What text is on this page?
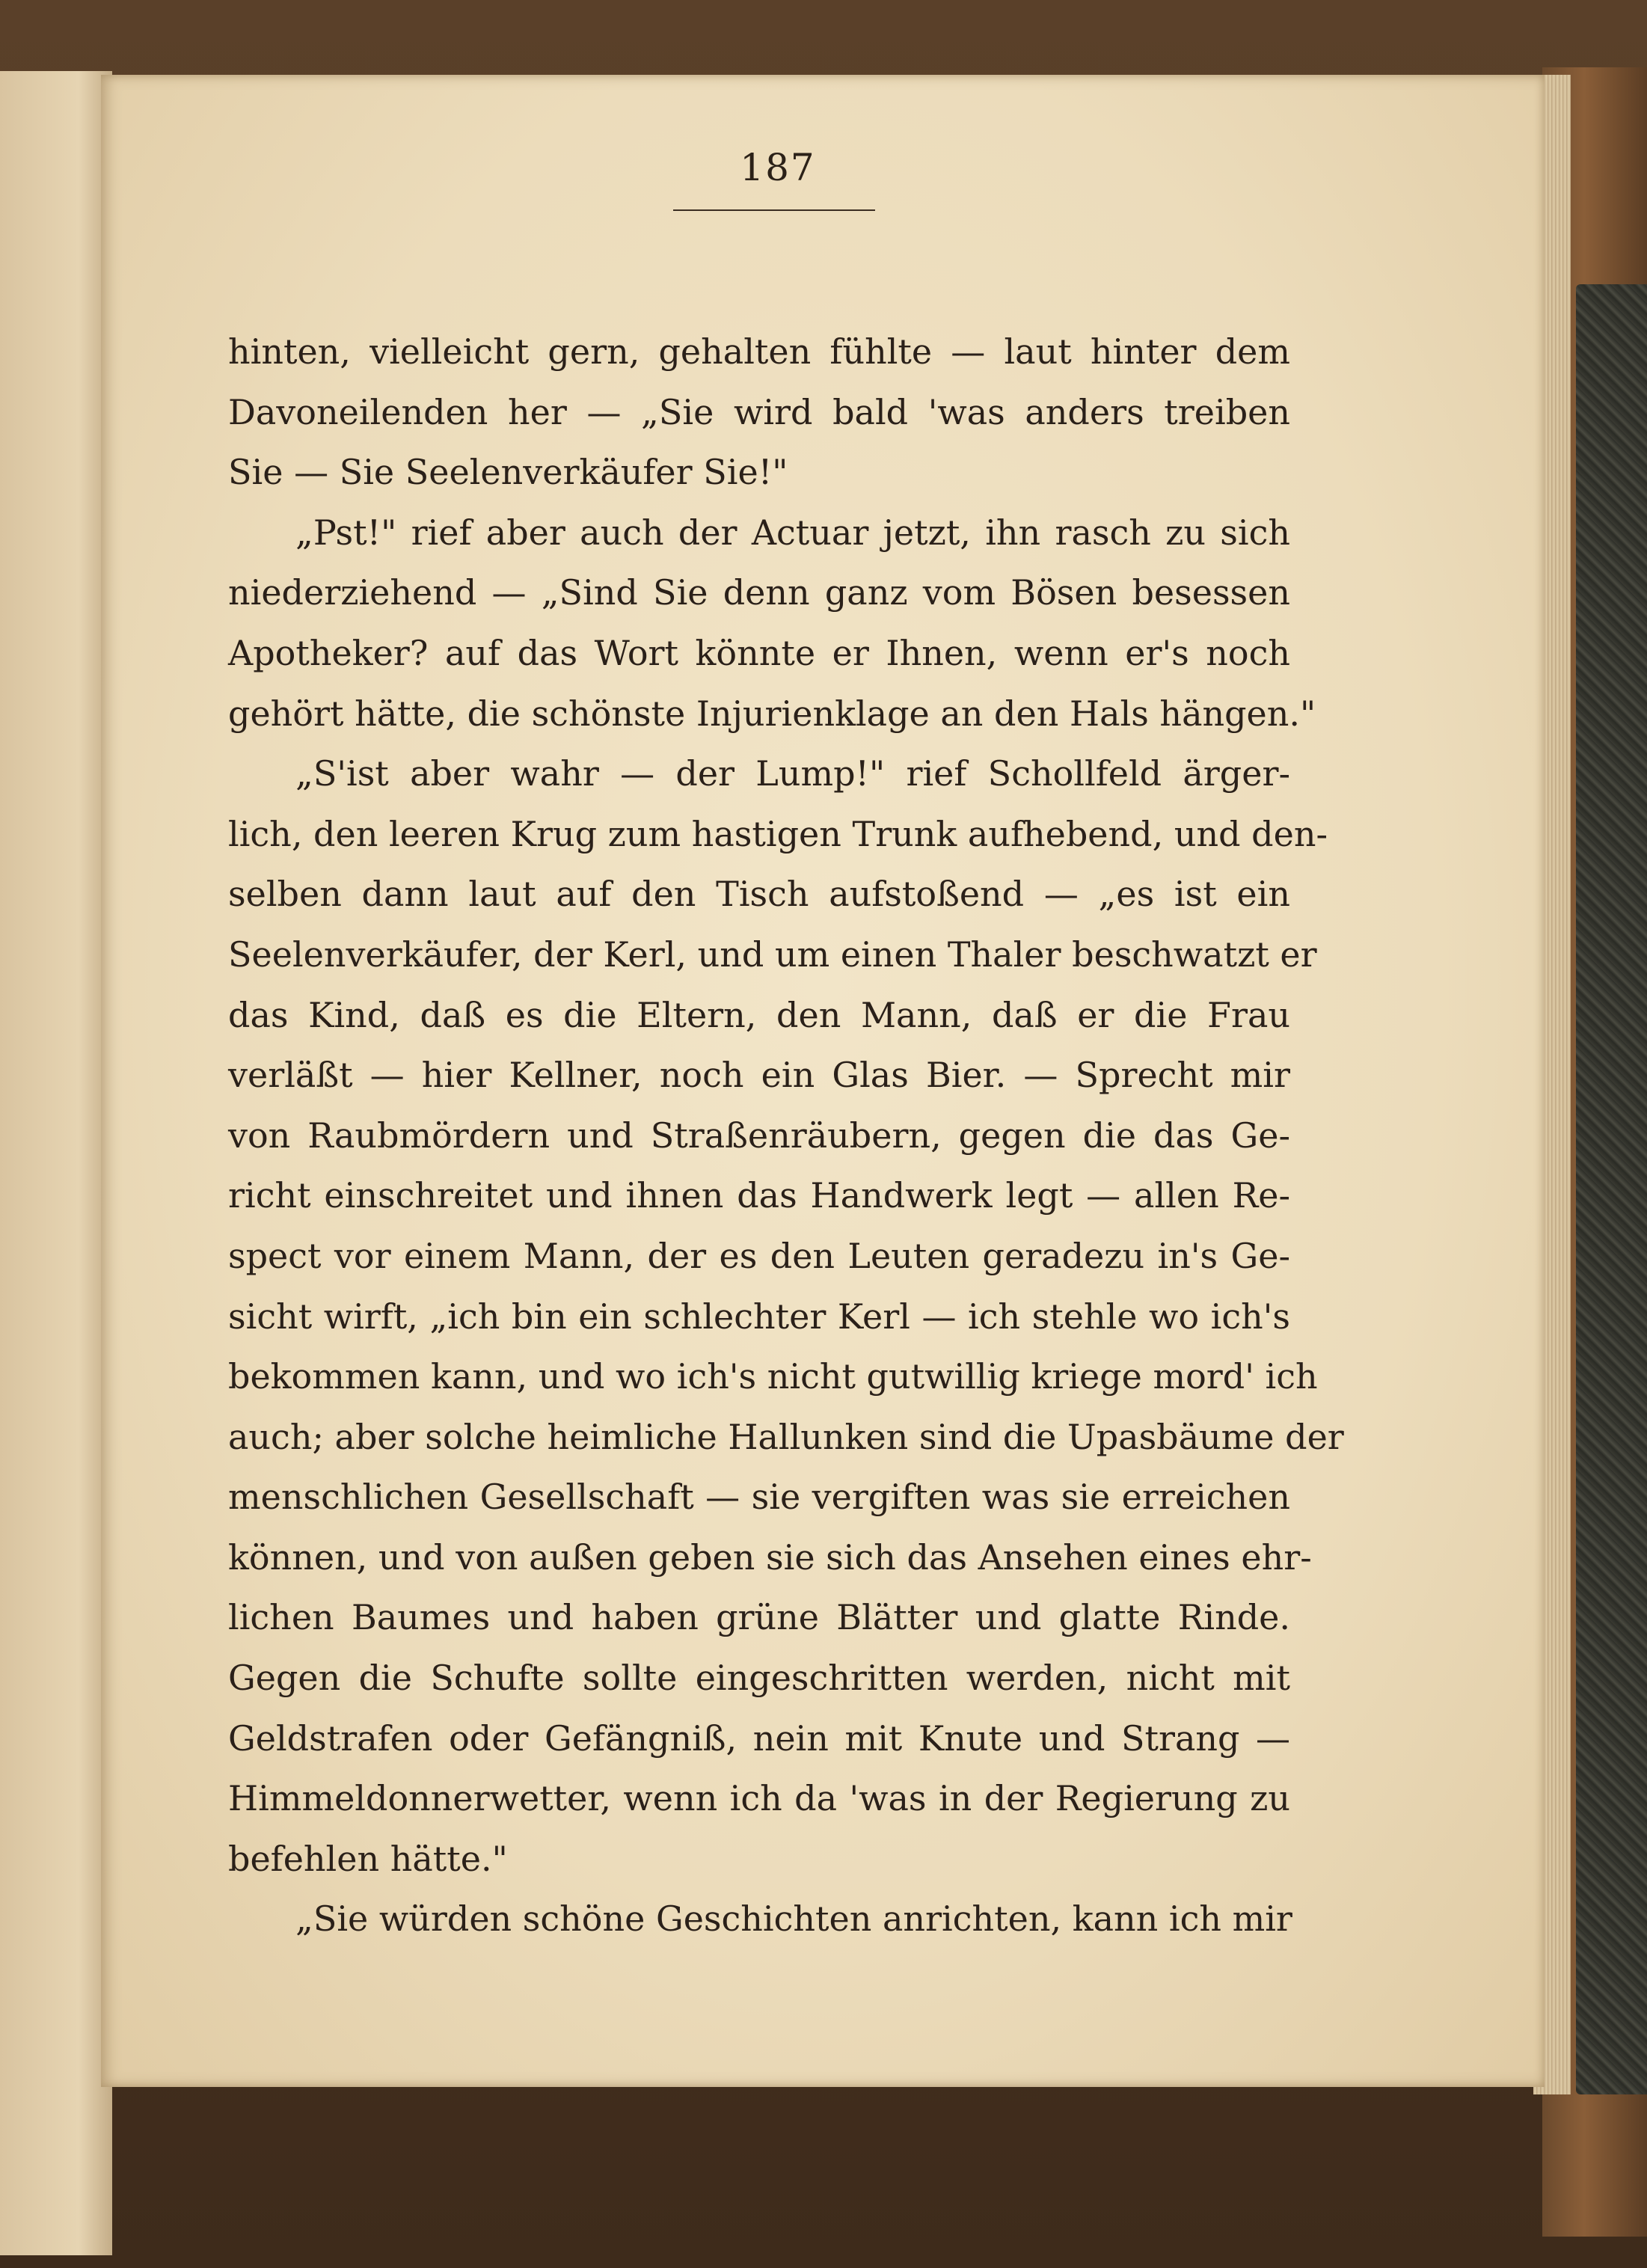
187
hinten, vielleicht gern, gehalten fühlte — laut hinter dem
Davoneilenden her — „Sie wird bald 'was anders treiben
Sie — Sie Seelenverkäufer Sie!"
„Pst!" rief aber auch der Actuar jetzt, ihn rasch zu sich
niederziehend — „Sind Sie denn ganz vom Bösen besessen
Apotheker? auf das Wort könnte er Ihnen, wenn er's noch
gehört hätte, die schönste Injurienklage an den Hals hängen."
„S'ist aber wahr — der Lump!" rief Schollfeld ärger-
lich, den leeren Krug zum hastigen Trunk aufhebend, und den-
selben dann laut auf den Tisch aufstoßend — „es ist ein
Seelenverkäufer, der Kerl, und um einen Thaler beschwatzt er
das Kind, daß es die Eltern, den Mann, daß er die Frau
verläßt — hier Kellner, noch ein Glas Bier. — Sprecht mir
von Raubmördern und Straßenräubern, gegen die das Ge-
richt einschreitet und ihnen das Handwerk legt — allen Re-
spect vor einem Mann, der es den Leuten geradezu in's Ge-
sicht wirft, „ich bin ein schlechter Kerl — ich stehle wo ich's
bekommen kann, und wo ich's nicht gutwillig kriege mord' ich
auch; aber solche heimliche Hallunken sind die Upasbäume der
menschlichen Gesellschaft — sie vergiften was sie erreichen
können, und von außen geben sie sich das Ansehen eines ehr-
lichen Baumes und haben grüne Blätter und glatte Rinde.
Gegen die Schufte sollte eingeschritten werden, nicht mit
Geldstrafen oder Gefängniß, nein mit Knute und Strang —
Himmeldonnerwetter, wenn ich da 'was in der Regierung zu
befehlen hätte."
„Sie würden schöne Geschichten anrichten, kann ich mir
